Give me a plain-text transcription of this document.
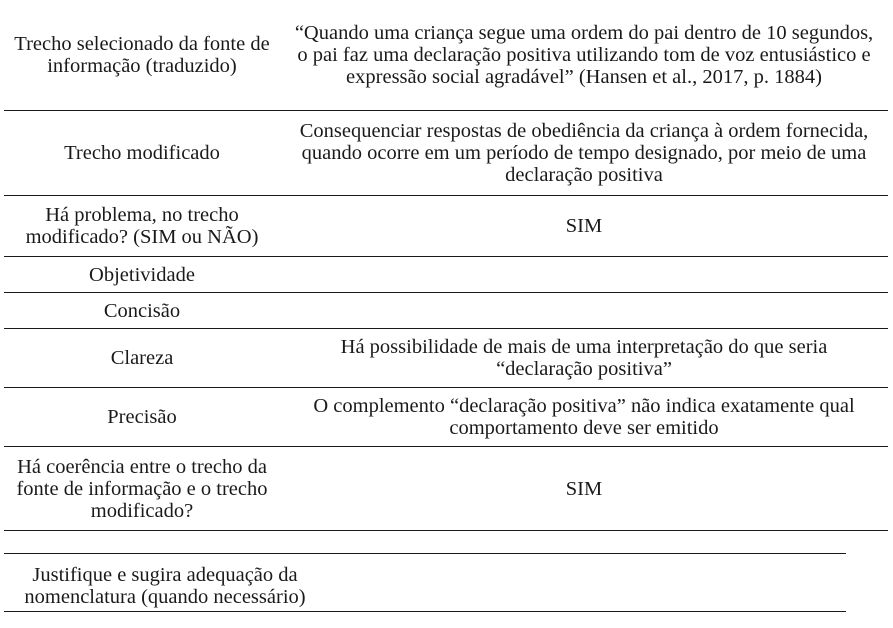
Trecho selecionado da fonte de informação (traduzido)	“Quando uma criança segue uma ordem do pai dentro de 10 segundos, o pai faz uma declaração positiva utilizando tom de voz entusiástico e expressão social agradável” (Hansen et al., 2017, p. 1884)
Trecho modificado	Consequenciar respostas de obediência da criança à ordem fornecida, quando ocorre em um período de tempo designado, por meio de uma declaração positiva
Há problema, no trecho modificado? (SIM ou NÃO)	SIM
Objetividade	
Concisão	
Clareza	Há possibilidade de mais de uma interpretação do que seria “declaração positiva”
Precisão	O complemento “declaração positiva” não indica exatamente qual comportamento deve ser emitido
Há coerência entre o trecho da fonte de informação e o trecho modificado?	SIM
Justifique e sugira adequação da nomenclatura (quando necessário)
